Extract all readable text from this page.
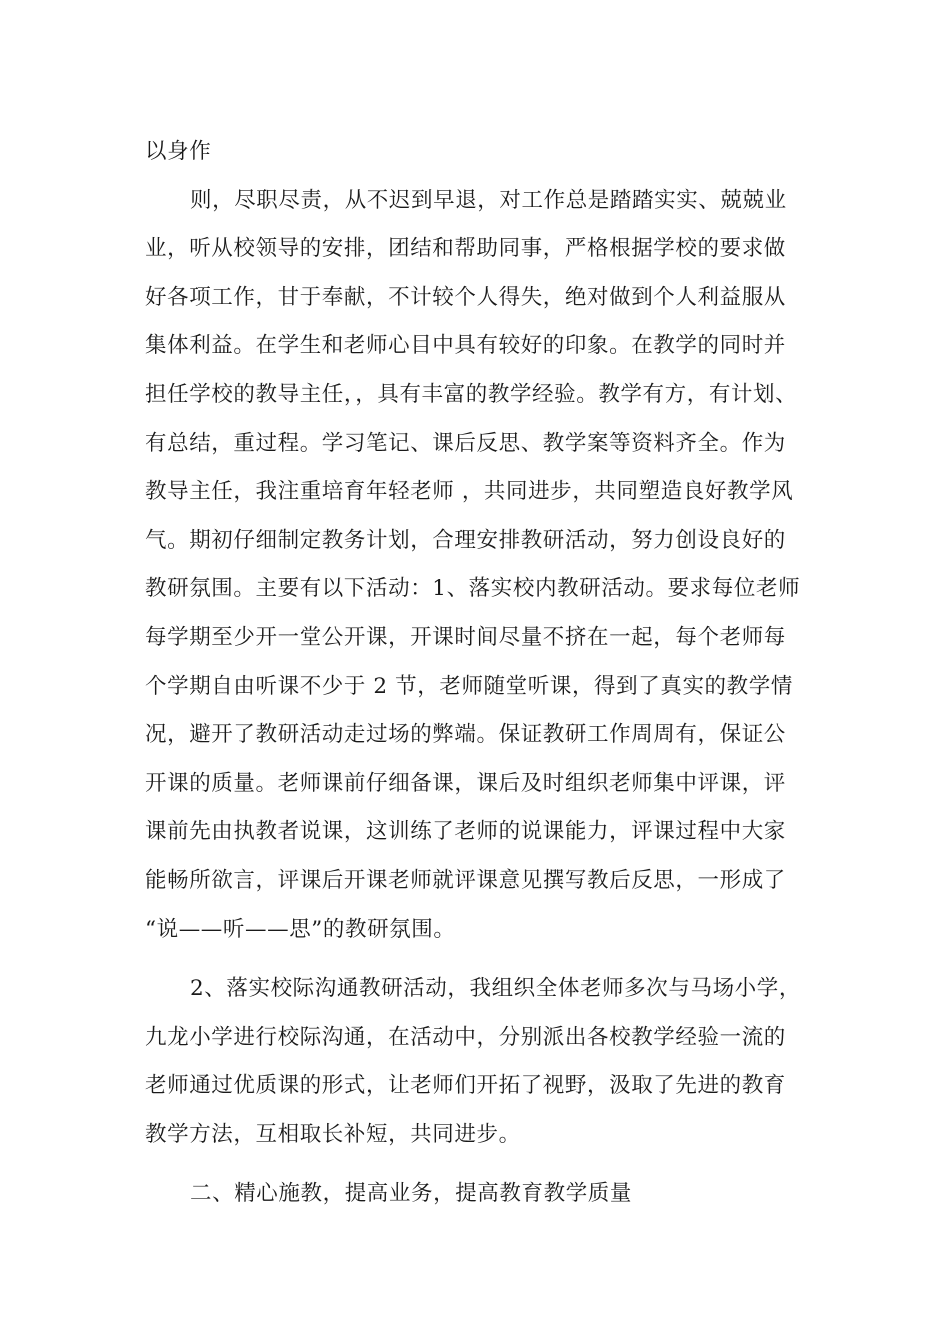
以身作
则，尽职尽责，从不迟到早退，对工作总是踏踏实实、兢兢业
业，听从校领导的安排，团结和帮助同事，严格根据学校的要求做
好各项工作，甘于奉献，不计较个人得失，绝对做到个人利益服从
集体利益。在学生和老师心目中具有较好的印象。在教学的同时并
担任学校的教导主任，，具有丰富的教学经验。教学有方，有计划、
有总结，重过程。学习笔记、课后反思、教学案等资料齐全。作为
教导主任，我注重培育年轻老师 ，共同进步，共同塑造良好教学风
气。期初仔细制定教务计划，合理安排教研活动，努力创设良好的
教研氛围。主要有以下活动：1、落实校内教研活动。要求每位老师
每学期至少开一堂公开课，开课时间尽量不挤在一起，每个老师每
个学期自由听课不少于 2 节，老师随堂听课，得到了真实的教学情
况，避开了教研活动走过场的弊端。保证教研工作周周有，保证公
开课的质量。老师课前仔细备课，课后及时组织老师集中评课，评
课前先由执教者说课，这训练了老师的说课能力，评课过程中大家
能畅所欲言，评课后开课老师就评课意见撰写教后反思，一形成了
“说——听——思”的教研氛围。
2、落实校际沟通教研活动，我组织全体老师多次与马场小学，
九龙小学进行校际沟通，在活动中，分别派出各校教学经验一流的
老师通过优质课的形式，让老师们开拓了视野，汲取了先进的教育
教学方法，互相取长补短，共同进步。
二、精心施教，提高业务，提高教育教学质量
